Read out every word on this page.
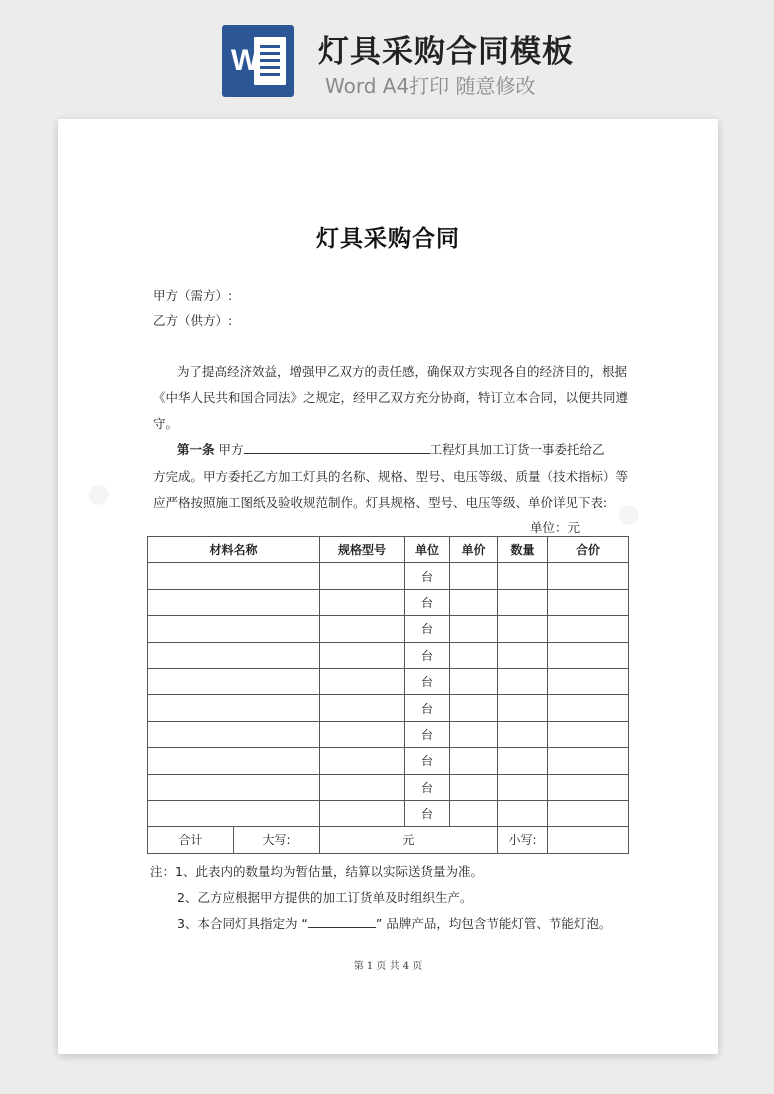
W 灯具采购合同模板
Word A4打印 随意修改
灯具采购合同
甲方（需方）:
乙方（供方）:
为了提高经济效益，增强甲乙双方的责任感，确保双方实现各自的经济目的，根据
《中华人民共和国合同法》之规定，经甲乙双方充分协商，特订立本合同，以便共同遵
守。
第一条 甲方	工程灯具加工订货一事委托给乙
方完成。甲方委托乙方加工灯具的名称、规格、型号、电压等级、质量（技术指标）等
应严格按照施工图纸及验收规范制作。灯具规格、型号、电压等级、单价详见下表:
单位：元
材料名称		规格型号	单位	单价	数量	合价
			台			
			台			
			台			
			台			
			台			
			台			
			台			
			台			
			台			
			台			
合计	大写:	元			小写:	
注：1、此表内的数量均为暂估量，结算以实际送货量为准。
2、乙方应根据甲方提供的加工订货单及时组织生产。
3、本合同灯具指定为 “	” 品牌产品，均包含节能灯管、节能灯泡。
第 1 页 共 4 页
